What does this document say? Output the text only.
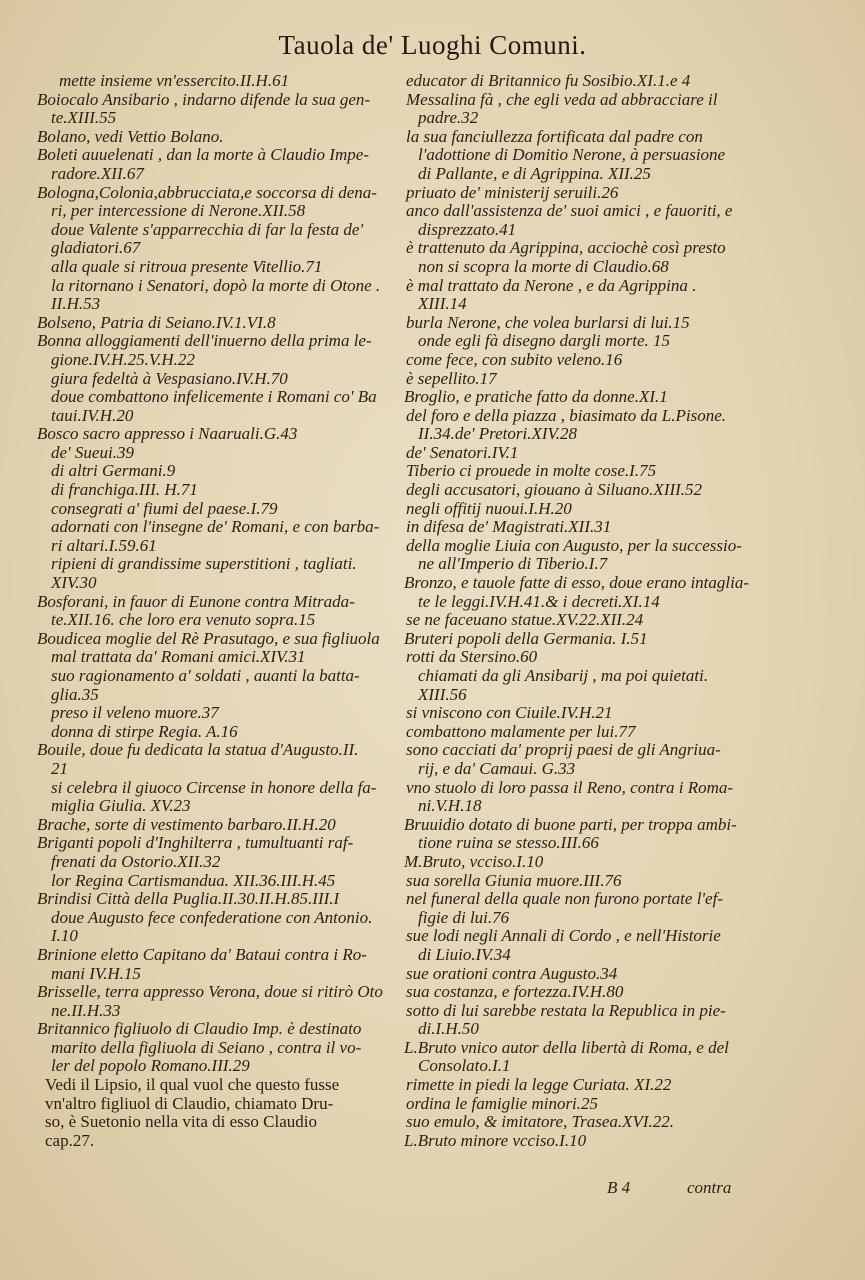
Tauola de' Luoghi Comuni.
mette insieme vn'essercito.II.H.61
Boiocalo Ansibario , indarno difende la sua gen-
te.XIII.55
Bolano, vedi Vettio Bolano.
Boleti auuelenati , dan la morte à Claudio Impe-
radore.XII.67
Bologna,Colonia,abbrucciata,e soccorsa di dena-
ri, per intercessione di Nerone.XII.58
doue Valente s'apparrecchia di far la festa de'
gladiatori.67
alla quale si ritroua presente Vitellio.71
la ritornano i Senatori, dopò la morte di Otone .
II.H.53
Bolseno, Patria di Seiano.IV.1.VI.8
Bonna alloggiamenti dell'inuerno della prima le-
gione.IV.H.25.V.H.22
giura fedeltà à Vespasiano.IV.H.70
doue combattono infelicemente i Romani co' Ba
taui.IV.H.20
Bosco sacro appresso i Naaruali.G.43
de' Sueui.39
di altri Germani.9
di franchiga.III. H.71
consegrati a' fiumi del paese.I.79
adornati con l'insegne de' Romani, e con barba-
ri altari.I.59.61
ripieni di grandissime superstitioni , tagliati.
XIV.30
Bosforani, in fauor di Eunone contra Mitrada-
te.XII.16. che loro era venuto sopra.15
Boudicea moglie del Rè Prasutago, e sua figliuola
mal trattata da' Romani amici.XIV.31
suo ragionamento a' soldati , auanti la batta-
glia.35
preso il veleno muore.37
donna di stirpe Regia. A.16
Bouile, doue fu dedicata la statua d'Augusto.II.
21
si celebra il giuoco Circense in honore della fa-
miglia Giulia. XV.23
Brache, sorte di vestimento barbaro.II.H.20
Briganti popoli d'Inghilterra , tumultuanti raf-
frenati da Ostorio.XII.32
lor Regina Cartismandua. XII.36.III.H.45
Brindisi Città della Puglia.II.30.II.H.85.III.I
doue Augusto fece confederatione con Antonio.
I.10
Brinione eletto Capitano da' Bataui contra i Ro-
mani IV.H.15
Brisselle, terra appresso Verona, doue si ritirò Oto
ne.II.H.33
Britannico figliuolo di Claudio Imp. è destinato
marito della figliuola di Seiano , contra il vo-
ler del popolo Romano.III.29
Vedi il Lipsio, il qual vuol che questo fusse
vn'altro figliuol di Claudio, chiamato Dru-
so, è Suetonio nella vita di esso Claudio
cap.27.
educator di Britannico fu Sosibio.XI.1.e 4
Messalina fà , che egli veda ad abbracciare il
padre.32
la sua fanciullezza fortificata dal padre con
l'adottione di Domitio Nerone, à persuasione
di Pallante, e di Agrippina. XII.25
priuato de' ministerij seruili.26
anco dall'assistenza de' suoi amici , e fauoriti, e
disprezzato.41
è trattenuto da Agrippina, acciochè così presto
non si scopra la morte di Claudio.68
è mal trattato da Nerone , e da Agrippina .
XIII.14
burla Nerone, che volea burlarsi di lui.15
onde egli fà disegno dargli morte. 15
come fece, con subito veleno.16
è sepellito.17
Broglio, e pratiche fatto da donne.XI.1
del foro e della piazza , biasimato da L.Pisone.
II.34.de' Pretori.XIV.28
de' Senatori.IV.1
Tiberio ci prouede in molte cose.I.75
degli accusatori, giouano à Siluano.XIII.52
negli offitij nuoui.I.H.20
in difesa de' Magistrati.XII.31
della moglie Liuia con Augusto, per la successio-
ne all'Imperio di Tiberio.I.7
Bronzo, e tauole fatte di esso, doue erano intaglia-
te le leggi.IV.H.41.& i decreti.XI.14
se ne faceuano statue.XV.22.XII.24
Bruteri popoli della Germania. I.51
rotti da Stersino.60
chiamati da gli Ansibarij , ma poi quietati.
XIII.56
si vniscono con Ciuile.IV.H.21
combattono malamente per lui.77
sono cacciati da' proprij paesi de gli Angriua-
rij, e da' Camaui. G.33
vno stuolo di loro passa il Reno, contra i Roma-
ni.V.H.18
Bruuidio dotato di buone parti, per troppa ambi-
tione ruina se stesso.III.66
M.Bruto, vcciso.I.10
sua sorella Giunia muore.III.76
nel funeral della quale non furono portate l'ef-
figie di lui.76
sue lodi negli Annali di Cordo , e nell'Historie
di Liuio.IV.34
sue orationi contra Augusto.34
sua costanza, e fortezza.IV.H.80
sotto di lui sarebbe restata la Republica in pie-
di.I.H.50
L.Bruto vnico autor della libertà di Roma, e del
Consolato.I.1
rimette in piedi la legge Curiata. XI.22
ordina le famiglie minori.25
suo emulo, & imitatore, Trasea.XVI.22.
L.Bruto minore vcciso.I.10
B 4	contra
